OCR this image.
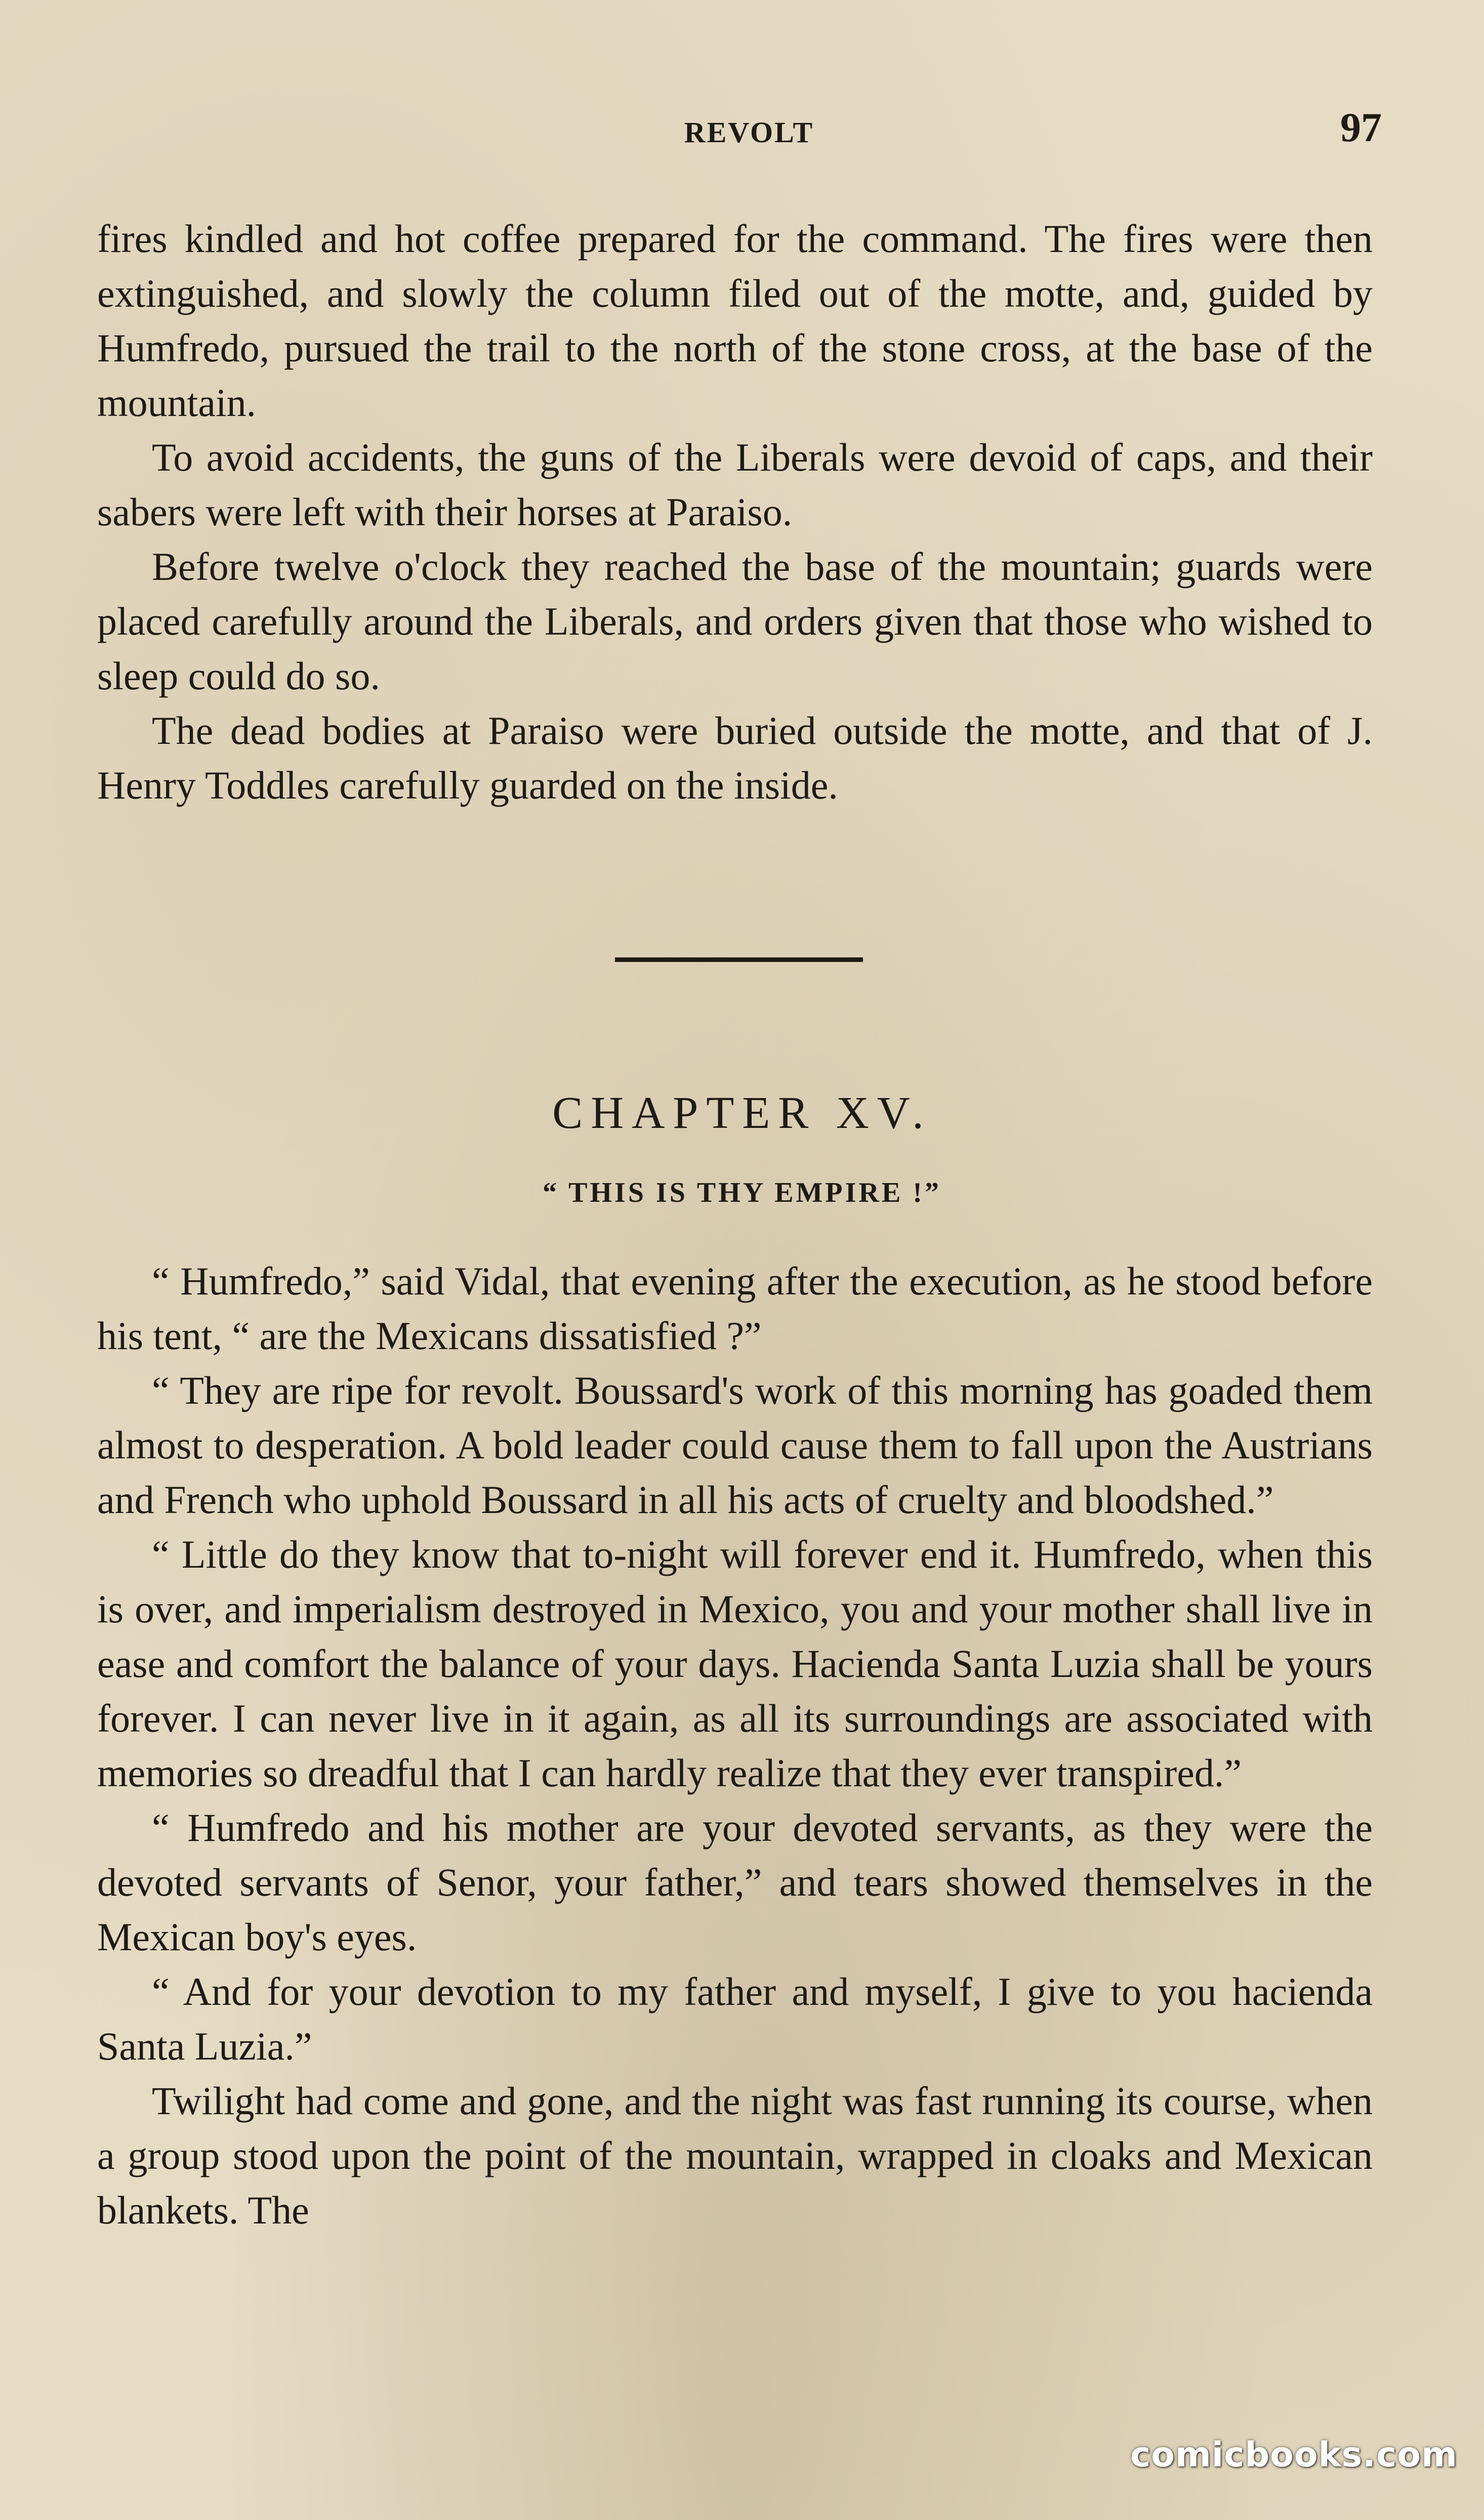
REVOLT	97

fires kindled and hot coffee prepared for the command. The fires were then extinguished, and slowly the column filed out of the motte, and, guided by Humfredo, pursued the trail to the north of the stone cross, at the base of the mountain.

To avoid accidents, the guns of the Liberals were devoid of caps, and their sabers were left with their horses at Paraiso.

Before twelve o'clock they reached the base of the mountain; guards were placed carefully around the Liberals, and orders given that those who wished to sleep could do so.

The dead bodies at Paraiso were buried outside the motte, and that of J. Henry Toddles carefully guarded on the inside.

CHAPTER XV.
“ THIS IS THY EMPIRE !”

“ Humfredo,” said Vidal, that evening after the execution, as he stood before his tent, “ are the Mexicans dissatisfied ?”

“ They are ripe for revolt. Boussard's work of this morning has goaded them almost to desperation. A bold leader could cause them to fall upon the Austrians and French who uphold Boussard in all his acts of cruelty and bloodshed.”

“ Little do they know that to-night will forever end it. Humfredo, when this is over, and imperialism destroyed in Mexico, you and your mother shall live in ease and comfort the balance of your days. Hacienda Santa Luzia shall be yours forever. I can never live in it again, as all its surroundings are associated with memories so dreadful that I can hardly realize that they ever transpired.”

“ Humfredo and his mother are your devoted servants, as they were the devoted servants of Senor, your father,” and tears showed themselves in the Mexican boy's eyes.

“ And for your devotion to my father and myself, I give to you hacienda Santa Luzia.”

Twilight had come and gone, and the night was fast running its course, when a group stood upon the point of the mountain, wrapped in cloaks and Mexican blankets. The

comicbooks.com
